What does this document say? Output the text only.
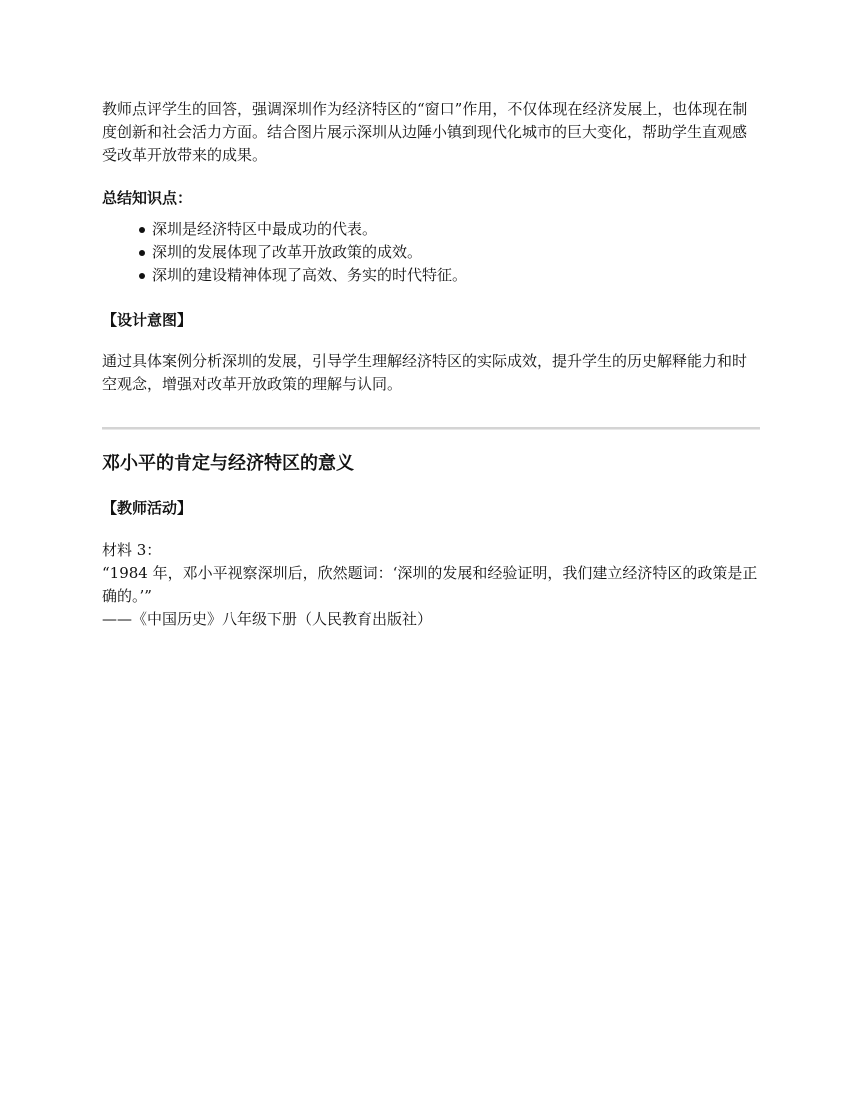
教师点评学生的回答，强调深圳作为经济特区的“窗口”作用，不仅体现在经济发展上，也体现在制度创新和社会活力方面。结合图片展示深圳从边陲小镇到现代化城市的巨大变化，帮助学生直观感受改革开放带来的成果。

总结知识点：

深圳是经济特区中最成功的代表。
深圳的发展体现了改革开放政策的成效。
深圳的建设精神体现了高效、务实的时代特征。

【设计意图】

通过具体案例分析深圳的发展，引导学生理解经济特区的实际成效，提升学生的历史解释能力和时空观念，增强对改革开放政策的理解与认同。

邓小平的肯定与经济特区的意义

【教师活动】

材料 3：

“1984 年，邓小平视察深圳后，欣然题词：‘深圳的发展和经验证明，我们建立经济特区的政策是正确的。’”

——《中国历史》八年级下册（人民教育出版社）
